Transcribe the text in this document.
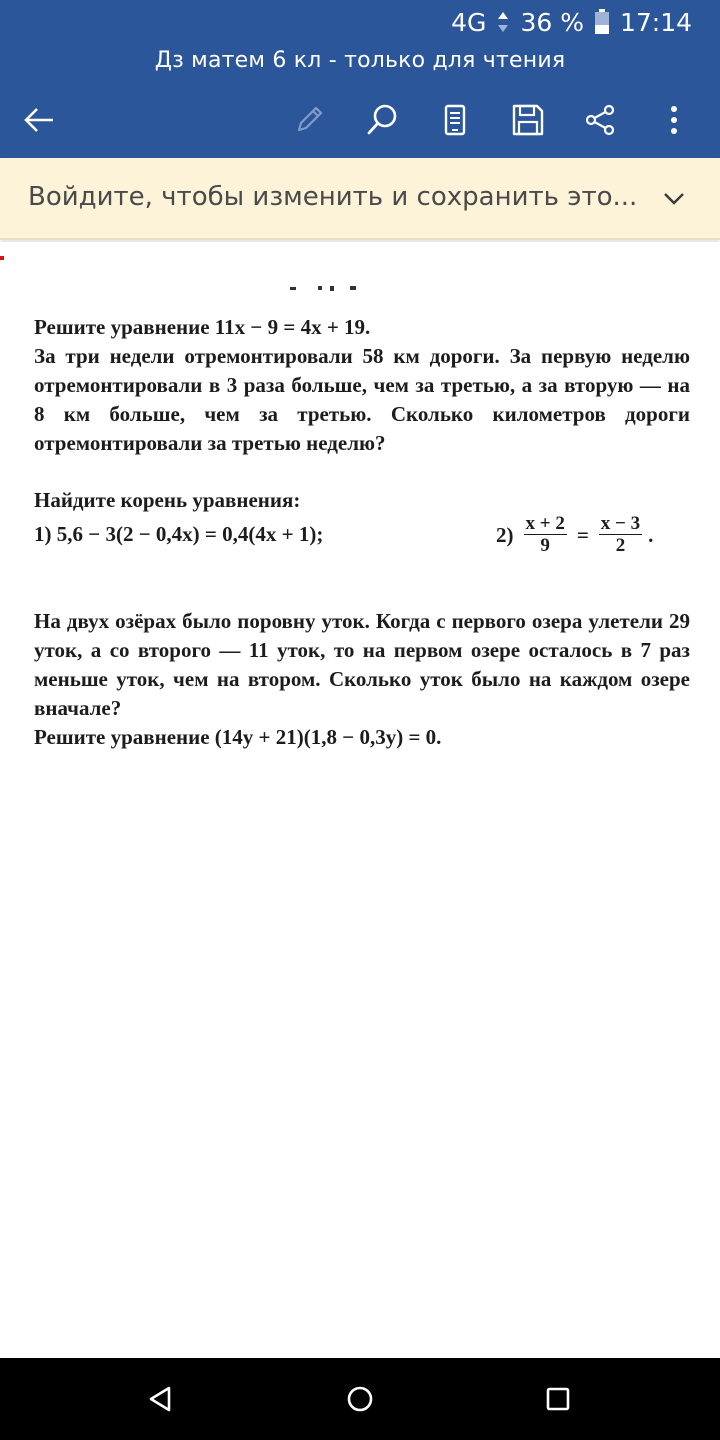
4G 36 % 17:14
Дз матем 6 кл - только для чтения
Войдите, чтобы изменить и сохранить это...
Решите уравнение 11x − 9 = 4x + 19.
За три недели отремонтировали 58 км дороги. За первую неделю отремонтировали в 3 раза больше, чем за третью, а за вторую — на 8 км больше, чем за третью. Сколько километров дороги отремонтировали за третью неделю?
Найдите корень уравнения:
1) 5,6 − 3(2 − 0,4x) = 0,4(4x + 1);	$2) \frac{x + 2}{9} = \frac{x - 3}{2}$ .
На двух озёрах было поровну уток. Когда с первого озера улетели 29 уток, а со второго — 11 уток, то на первом озере осталось в 7 раз меньше уток, чем на втором. Сколько уток было на каждом озере вначале?
Решите уравнение (14y + 21)(1,8 − 0,3y) = 0.
